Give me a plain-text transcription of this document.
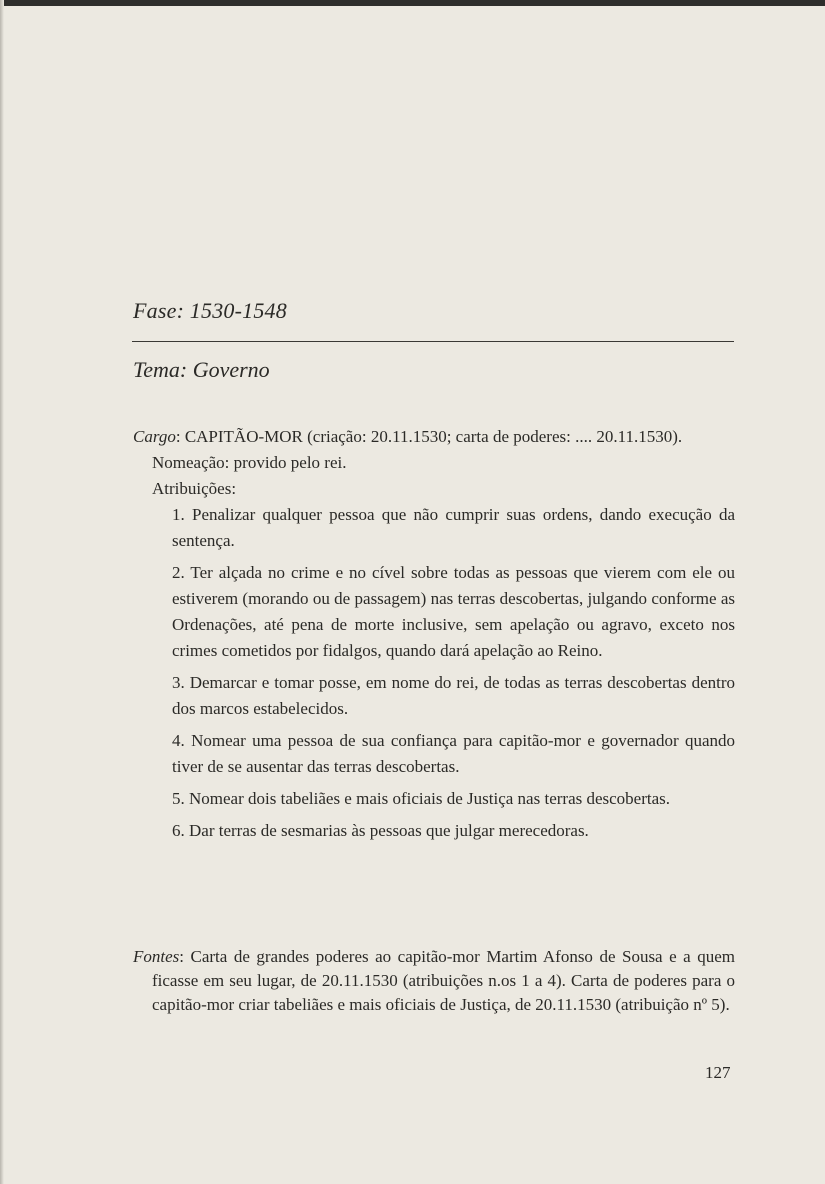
Fase: 1530-1548
Tema: Governo

Cargo: CAPITÃO-MOR (criação: 20.11.1530; carta de poderes: .... 20.11.1530).

Nomeação: provido pelo rei.

Atribuições:

1. Penalizar qualquer pessoa que não cumprir suas ordens, dando execução da sentença.

2. Ter alçada no crime e no cível sobre todas as pessoas que vierem com ele ou estiverem (morando ou de passagem) nas terras descobertas, julgando conforme as Ordenações, até pena de morte inclusive, sem apelação ou agravo, exceto nos crimes cometidos por fidalgos, quando dará apelação ao Reino.

3. Demarcar e tomar posse, em nome do rei, de todas as terras descobertas dentro dos marcos estabelecidos.

4. Nomear uma pessoa de sua confiança para capitão-mor e governador quando tiver de se ausentar das terras descobertas.

5. Nomear dois tabeliães e mais oficiais de Justiça nas terras descobertas.

6. Dar terras de sesmarias às pessoas que julgar merecedoras.

Fontes: Carta de grandes poderes ao capitão-mor Martim Afonso de Sousa e a quem ficasse em seu lugar, de 20.11.1530 (atribuições n.os 1 a 4). Carta de poderes para o capitão-mor criar tabeliães e mais oficiais de Justiça, de 20.11.1530 (atribuição nº 5).

127
